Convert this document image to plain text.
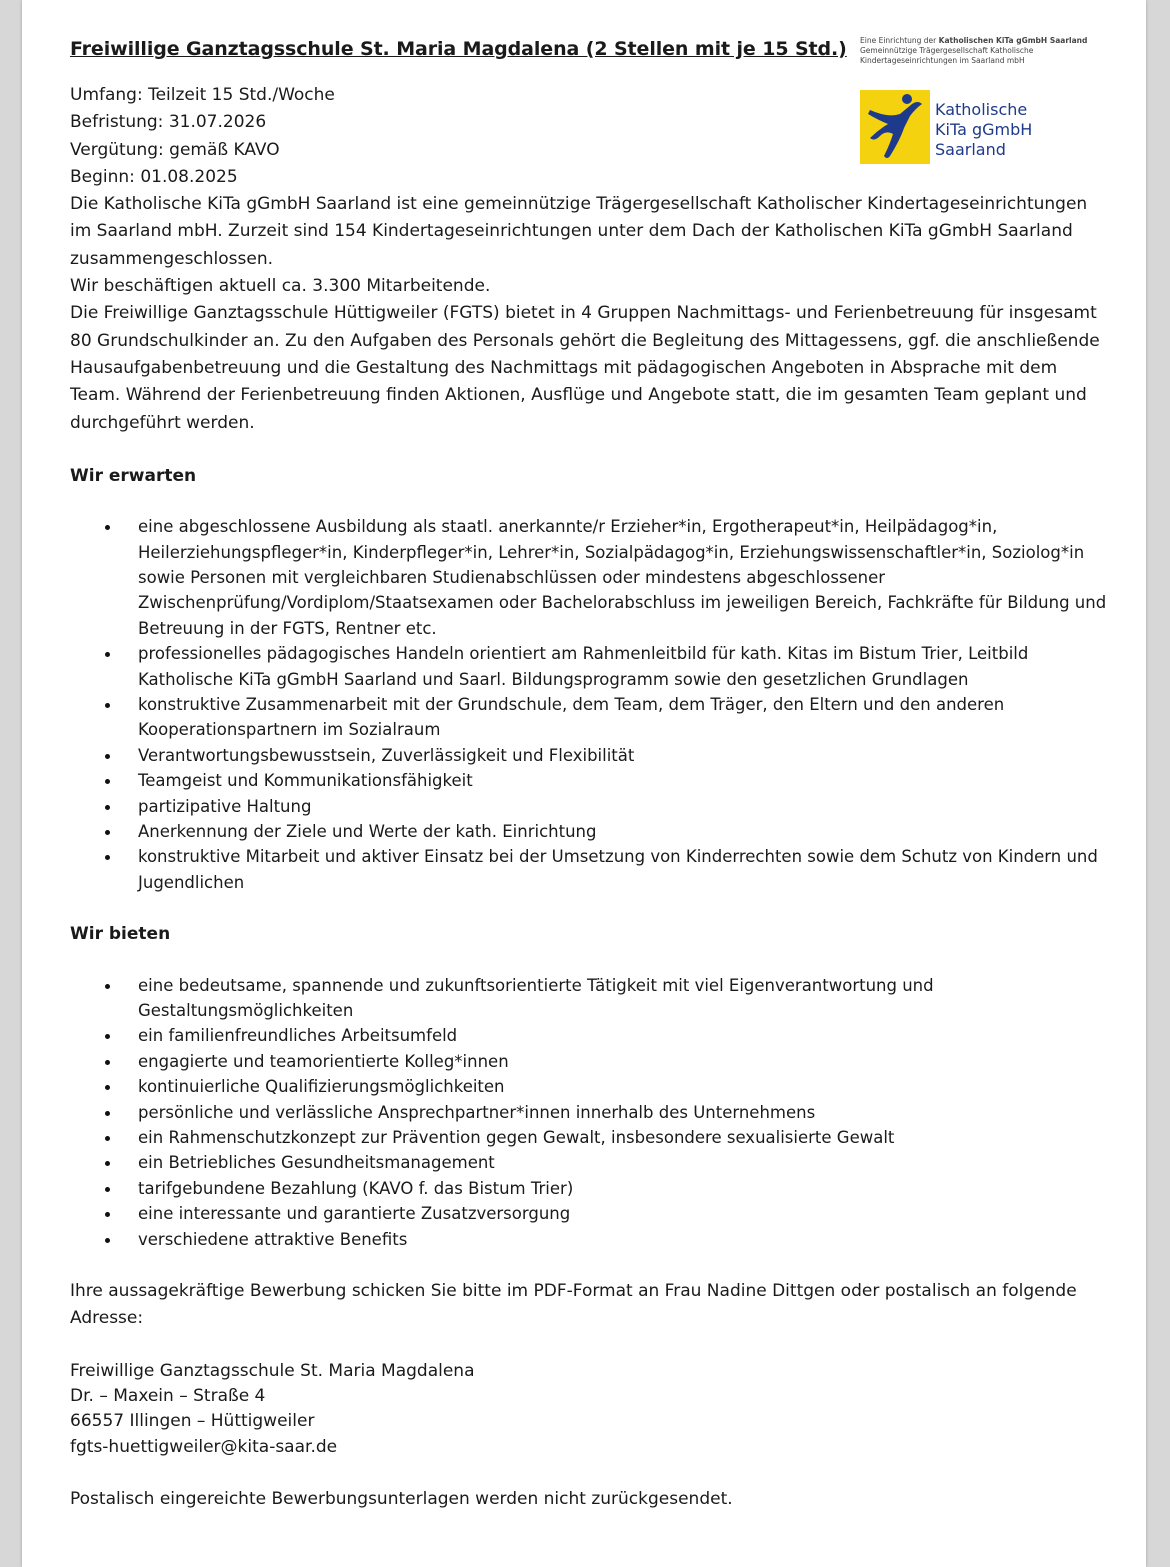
Freiwillige Ganztagsschule St. Maria Magdalena (2 Stellen mit je 15 Std.) Eine Einrichtung der Katholischen KiTa gGmbH Saarland
Gemeinnützige Trägergesellschaft Katholische
Kindertageseinrichtungen im Saarland mbH
Katholische
KiTa gGmbH
Saarland

Umfang: Teilzeit 15 Std./Woche

Befristung: 31.07.2026

Vergütung: gemäß KAVO

Beginn: 01.08.2025

Die Katholische KiTa gGmbH Saarland ist eine gemeinnützige Trägergesellschaft Katholischer Kindertageseinrichtungen im Saarland mbH. Zurzeit sind 154 Kindertageseinrichtungen unter dem Dach der Katholischen KiTa gGmbH Saarland zusammengeschlossen.

Wir beschäftigen aktuell ca. 3.300 Mitarbeitende.

Die Freiwillige Ganztagsschule Hüttigweiler (FGTS) bietet in 4 Gruppen Nachmittags- und Ferienbetreuung für insgesamt 80 Grundschulkinder an. Zu den Aufgaben des Personals gehört die Begleitung des Mittagessens, ggf. die anschließende Hausaufgabenbetreuung und die Gestaltung des Nachmittags mit pädagogischen Angeboten in Absprache mit dem Team. Während der Ferienbetreuung finden Aktionen, Ausflüge und Angebote statt, die im gesamten Team geplant und durchgeführt werden.

Wir erwarten

eine abgeschlossene Ausbildung als staatl. anerkannte/r Erzieher*in, Ergotherapeut*in, Heilpädagog*in, Heilerziehungspfleger*in, Kinderpfleger*in, Lehrer*in, Sozialpädagog*in, Erziehungswissenschaftler*in, Soziolog*in sowie Personen mit vergleichbaren Studienabschlüssen oder mindestens abgeschlossener Zwischenprüfung/Vordiplom/Staatsexamen oder Bachelorabschluss im jeweiligen Bereich, Fachkräfte für Bildung und Betreuung in der FGTS, Rentner etc.
professionelles pädagogisches Handeln orientiert am Rahmenleitbild für kath. Kitas im Bistum Trier, Leitbild Katholische KiTa gGmbH Saarland und Saarl. Bildungsprogramm sowie den gesetzlichen Grundlagen
konstruktive Zusammenarbeit mit der Grundschule, dem Team, dem Träger, den Eltern und den anderen Kooperationspartnern im Sozialraum
Verantwortungsbewusstsein, Zuverlässigkeit und Flexibilität
Teamgeist und Kommunikationsfähigkeit
partizipative Haltung
Anerkennung der Ziele und Werte der kath. Einrichtung
konstruktive Mitarbeit und aktiver Einsatz bei der Umsetzung von Kinderrechten sowie dem Schutz von Kindern und Jugendlichen

Wir bieten

eine bedeutsame, spannende und zukunftsorientierte Tätigkeit mit viel Eigenverantwortung und Gestaltungsmöglichkeiten
ein familienfreundliches Arbeitsumfeld
engagierte und teamorientierte Kolleg*innen
kontinuierliche Qualifizierungsmöglichkeiten
persönliche und verlässliche Ansprechpartner*innen innerhalb des Unternehmens
ein Rahmenschutzkonzept zur Prävention gegen Gewalt, insbesondere sexualisierte Gewalt
ein Betriebliches Gesundheitsmanagement
tarifgebundene Bezahlung (KAVO f. das Bistum Trier)
eine interessante und garantierte Zusatzversorgung
verschiedene attraktive Benefits

Ihre aussagekräftige Bewerbung schicken Sie bitte im PDF-Format an Frau Nadine Dittgen oder postalisch an folgende Adresse:

Freiwillige Ganztagsschule St. Maria Magdalena

Dr. – Maxein – Straße 4

66557 Illingen – Hüttigweiler

fgts-huettigweiler@kita-saar.de

Postalisch eingereichte Bewerbungsunterlagen werden nicht zurückgesendet.
